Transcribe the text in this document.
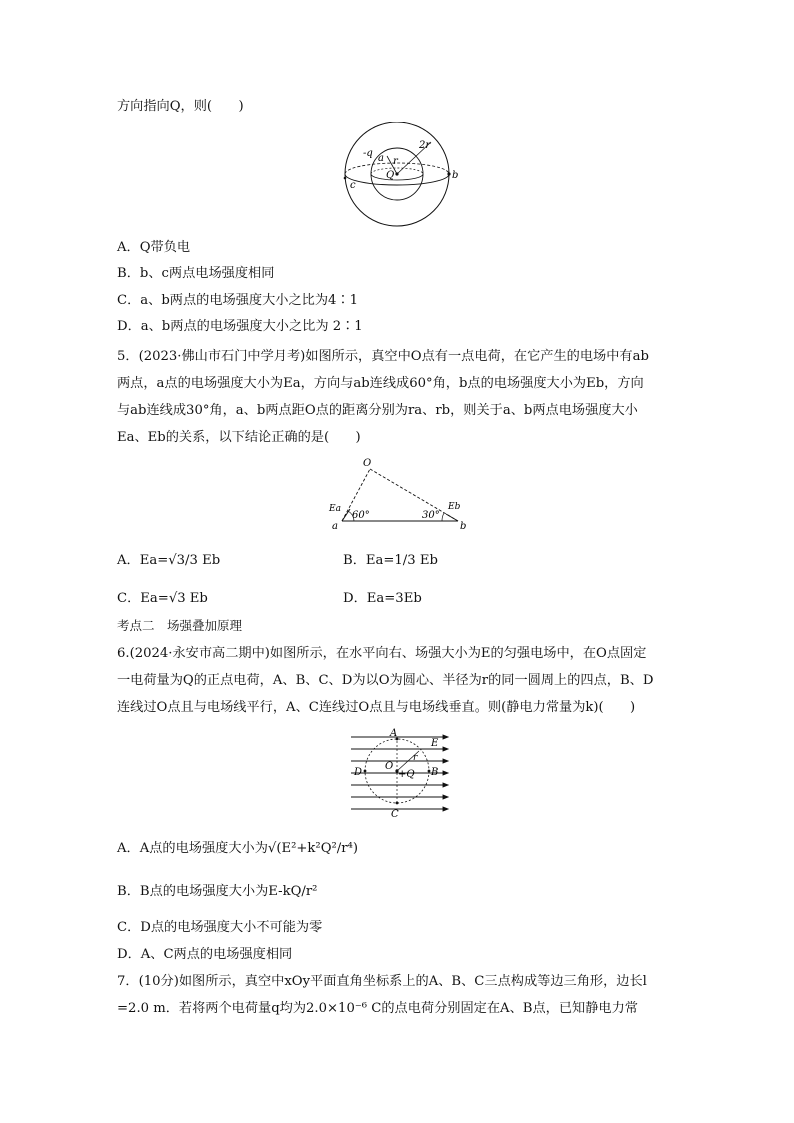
方向指向Q，则(　　)
-q a r
2r
Q	b
c
A．Q带负电
B．b、c两点电场强度相同
C．a、b两点的电场强度大小之比为4∶1
D．a、b两点的电场强度大小之比为 2∶1
5．(2023·佛山市石门中学月考)如图所示，真空中O点有一点电荷，在它产生的电场中有ab
两点，a点的电场强度大小为Ea，方向与ab连线成60°角，b点的电场强度大小为Eb，方向
与ab连线成30°角，a、b两点距O点的距离分别为ra、rb，则关于a、b两点电场强度大小
Ea、Eb的关系，以下结论正确的是(　　)
O
Ea	Eb
a	b
60°	30°
A．Ea=√3/3 Eb	B．Ea=1/3 Eb
C．Ea=√3 Eb	D．Ea=3Eb
考点二　场强叠加原理
6.(2024·永安市高二期中)如图所示，在水平向右、场强大小为E的匀强电场中，在O点固定
一电荷量为Q的正点电荷，A、B、C、D为以O为圆心、半径为r的同一圆周上的四点，B、D
连线过O点且与电场线平行，A、C连线过O点且与电场线垂直。则(静电力常量为k)(　　)
A
E
r
O
D	+Q B
C
A．A点的电场强度大小为√(E²+k²Q²/r⁴)
B．B点的电场强度大小为E-kQ/r²
C．D点的电场强度大小不可能为零
D．A、C两点的电场强度相同
7．(10分)如图所示，真空中xOy平面直角坐标系上的A、B、C三点构成等边三角形，边长l
=2.0 m．若将两个电荷量q均为2.0×10⁻⁶ C的点电荷分别固定在A、B点，已知静电力常
